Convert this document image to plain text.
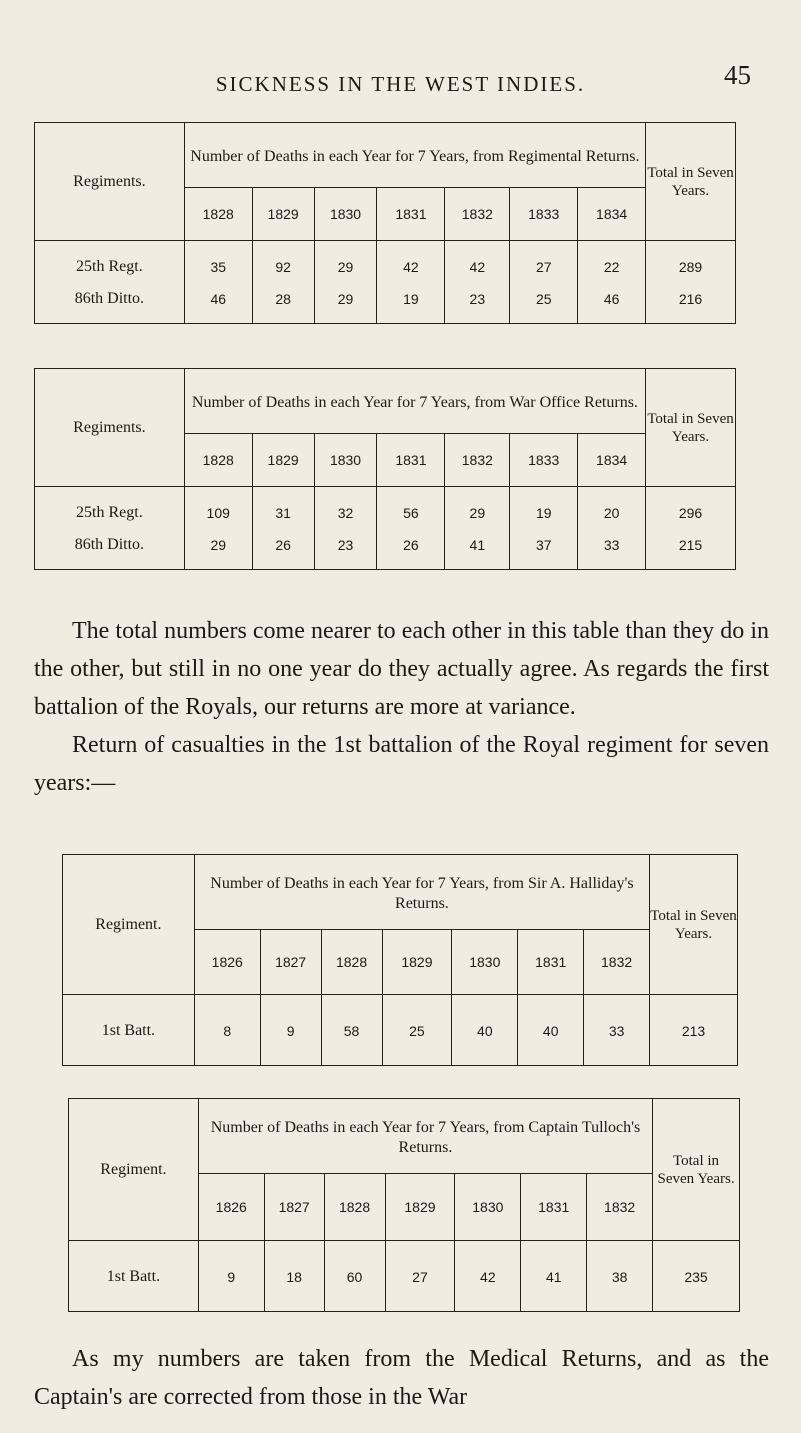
SICKNESS IN THE WEST INDIES.	45
Regiments.	Number of Deaths in each Year for 7 Years, from Regimental Returns.							Total in Seven Years.
	1828	1829	1830	1831	1832	1833	1834	
25th Regt.	35	92	29	42	42	27	22	289
86th Ditto.	46	28	29	19	23	25	46	216
Regiments.	Number of Deaths in each Year for 7 Years, from War Office Returns.							Total in Seven Years.
	1828	1829	1830	1831	1832	1833	1834	
25th Regt.	109	31	32	56	29	19	20	296
86th Ditto.	29	26	23	26	41	37	33	215

The total numbers come nearer to each other in this table than they do in the other, but still in no one year do they actually agree. As regards the first battalion of the Royals, our returns are more at variance.

Return of casualties in the 1st battalion of the Royal regiment for seven years:—

Regiment.	Number of Deaths in each Year for 7 Years, from Sir A. Halliday's Returns.							Total in Seven Years.
	1826	1827	1828	1829	1830	1831	1832	
1st Batt.	8	9	58	25	40	40	33	213
Regiment.	Number of Deaths in each Year for 7 Years, from Captain Tulloch's Returns.							Total in Seven Years.
	1826	1827	1828	1829	1830	1831	1832	
1st Batt.	9	18	60	27	42	41	38	235

As my numbers are taken from the Medical Returns, and as the Captain's are corrected from those in the War
